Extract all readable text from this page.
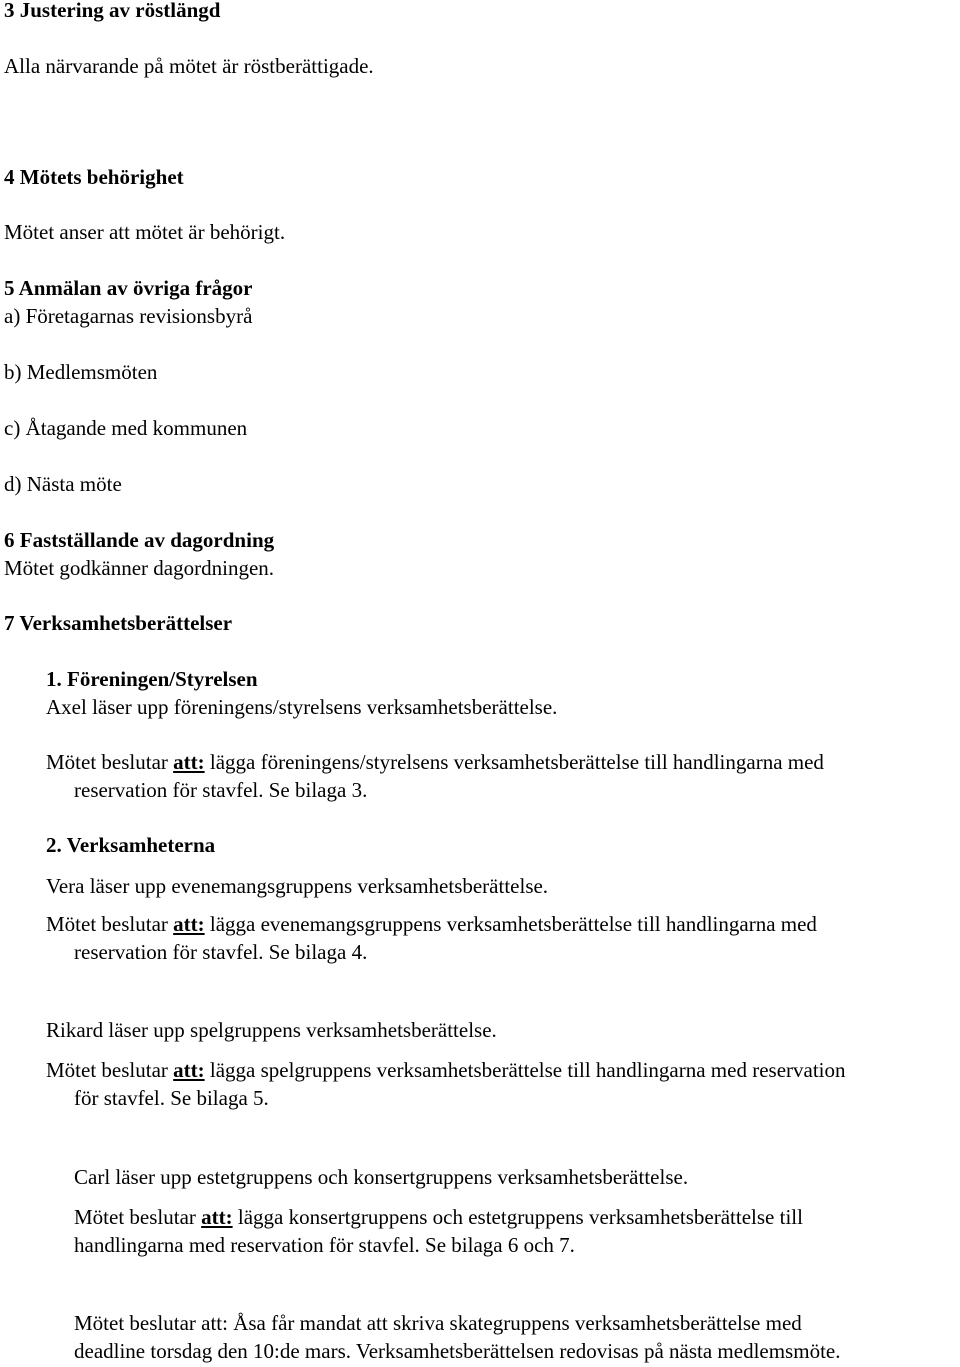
3 Justering av röstlängd
Alla närvarande på mötet är röstberättigade.
4 Mötets behörighet
Mötet anser att mötet är behörigt.
5 Anmälan av övriga frågor
a) Företagarnas revisionsbyrå
b) Medlemsmöten
c) Åtagande med kommunen
d) Nästa möte
6 Fastställande av dagordning
Mötet godkänner dagordningen.
7 Verksamhetsberättelser
1. Föreningen/Styrelsen
Axel läser upp föreningens/styrelsens verksamhetsberättelse.
Mötet beslutar att: lägga föreningens/styrelsens verksamhetsberättelse till handlingarna med
reservation för stavfel. Se bilaga 3.
2. Verksamheterna
Vera läser upp evenemangsgruppens verksamhetsberättelse.
Mötet beslutar att: lägga evenemangsgruppens verksamhetsberättelse till handlingarna med
reservation för stavfel. Se bilaga 4.
Rikard läser upp spelgruppens verksamhetsberättelse.
Mötet beslutar att: lägga spelgruppens verksamhetsberättelse till handlingarna med reservation
för stavfel. Se bilaga 5.
Carl läser upp estetgruppens och konsertgruppens verksamhetsberättelse.
Mötet beslutar att: lägga konsertgruppens och estetgruppens verksamhetsberättelse till
handlingarna med reservation för stavfel. Se bilaga 6 och 7.
Mötet beslutar att: Åsa får mandat att skriva skategruppens verksamhetsberättelse med
deadline torsdag den 10:de mars. Verksamhetsberättelsen redovisas på nästa medlemsmöte.
